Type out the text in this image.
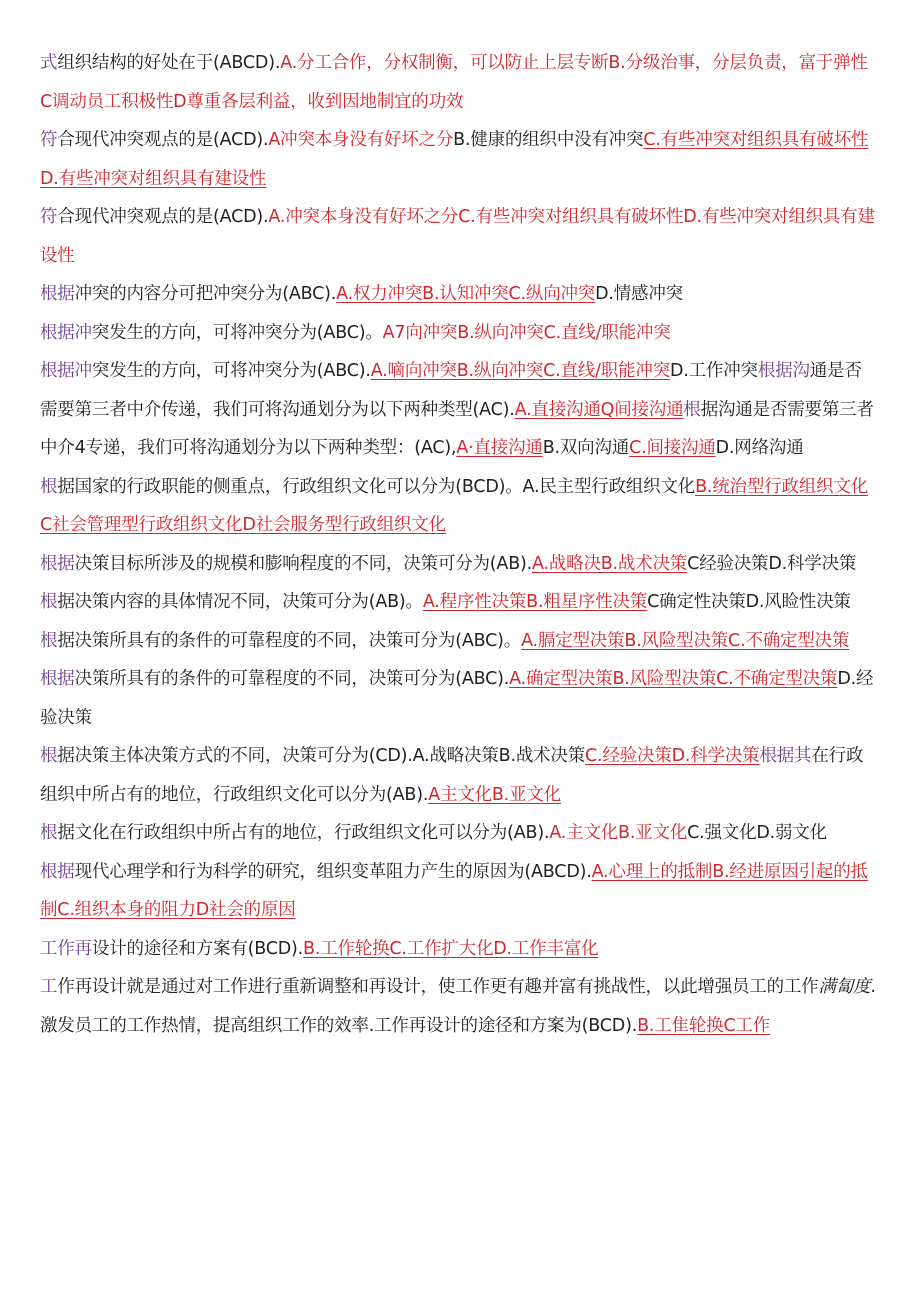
式组织结构的好处在于(ABCD).A.分工合作，分权制衡，可以防止上层专断B.分级治事，分层负责，富于弹性C调动员工积极性D尊重各层利益，收到因地制宜的功效

符合现代冲突观点的是(ACD).A冲突本身没有好坏之分B.健康的组织中没有冲突C.有些冲突对组织具有破坏性D.有些冲突对组织具有建设性

符合现代冲突观点的是(ACD).A.冲突本身没有好坏之分C.有些冲突对组织具有破坏性D.有些冲突对组织具有建设性

根据冲突的内容分可把冲突分为(ABC).A.权力冲突B.认知冲突C.纵向冲突D.情感冲突

根据冲突发生的方向，可将冲突分为(ABC)。A7向冲突B.纵向冲突C.直线/职能冲突

根据冲突发生的方向，可将冲突分为(ABC).A.嘀向冲突B.纵向冲突C.直线/职能冲突D.工作冲突根据沟通是否需要第三者中介传递，我们可将沟通划分为以下两种类型(AC).A.直接沟通Q间接沟通根据沟通是否需要第三者中介4专递，我们可将沟通划分为以下两种类型：(AC),A·直接沟通B.双向沟通C.间接沟通D.网络沟通

根据国家的行政职能的侧重点，行政组织文化可以分为(BCD)。A.民主型行政组织文化B.统治型行政组织文化C社会管理型行政组织文化D社会服务型行政组织文化

根据决策目标所涉及的规模和膨响程度的不同，决策可分为(AB).A.战略决B.战术决策C经验决策D.科学决策

根据决策内容的具体情况不同，决策可分为(AB)。A.程序性决策B.粗星序性决策C确定性决策D.风睑性决策

根据决策所具有的条件的可靠程度的不同，决策可分为(ABC)。A.膈定型决策B.风险型决策C.不确定型决策

根据决策所具有的条件的可靠程度的不同，决策可分为(ABC).A.确定型决策B.风险型决策C.不确定型决策D.经验决策

根据决策主体决策方式的不同，决策可分为(CD).A.战略决策B.战术决策C.经验决策D.科学决策根据其在行政组织中所占有的地位，行政组织文化可以分为(AB).A主文化B.亚文化

根据文化在行政组织中所占有的地位，行政组织文化可以分为(AB).A.主文化B.亚文化C.强文化D.弱文化

根据现代心理学和行为科学的研究，组织变革阻力产生的原因为(ABCD).A.心理上的抵制B.经进原因引起的抵制C.组织本身的阻力D社会的原因

工作再设计的途径和方案有(BCD).B.工作轮换C.工作扩大化D.工作丰富化

工作再设计就是通过对工作进行重新调整和再设计，使工作更有趣并富有挑战性，以此增强员工的工作满匐度.激发员工的工作热情，提高组织工作的效率.工作再设计的途径和方案为(BCD).B.工隹轮换C工作
